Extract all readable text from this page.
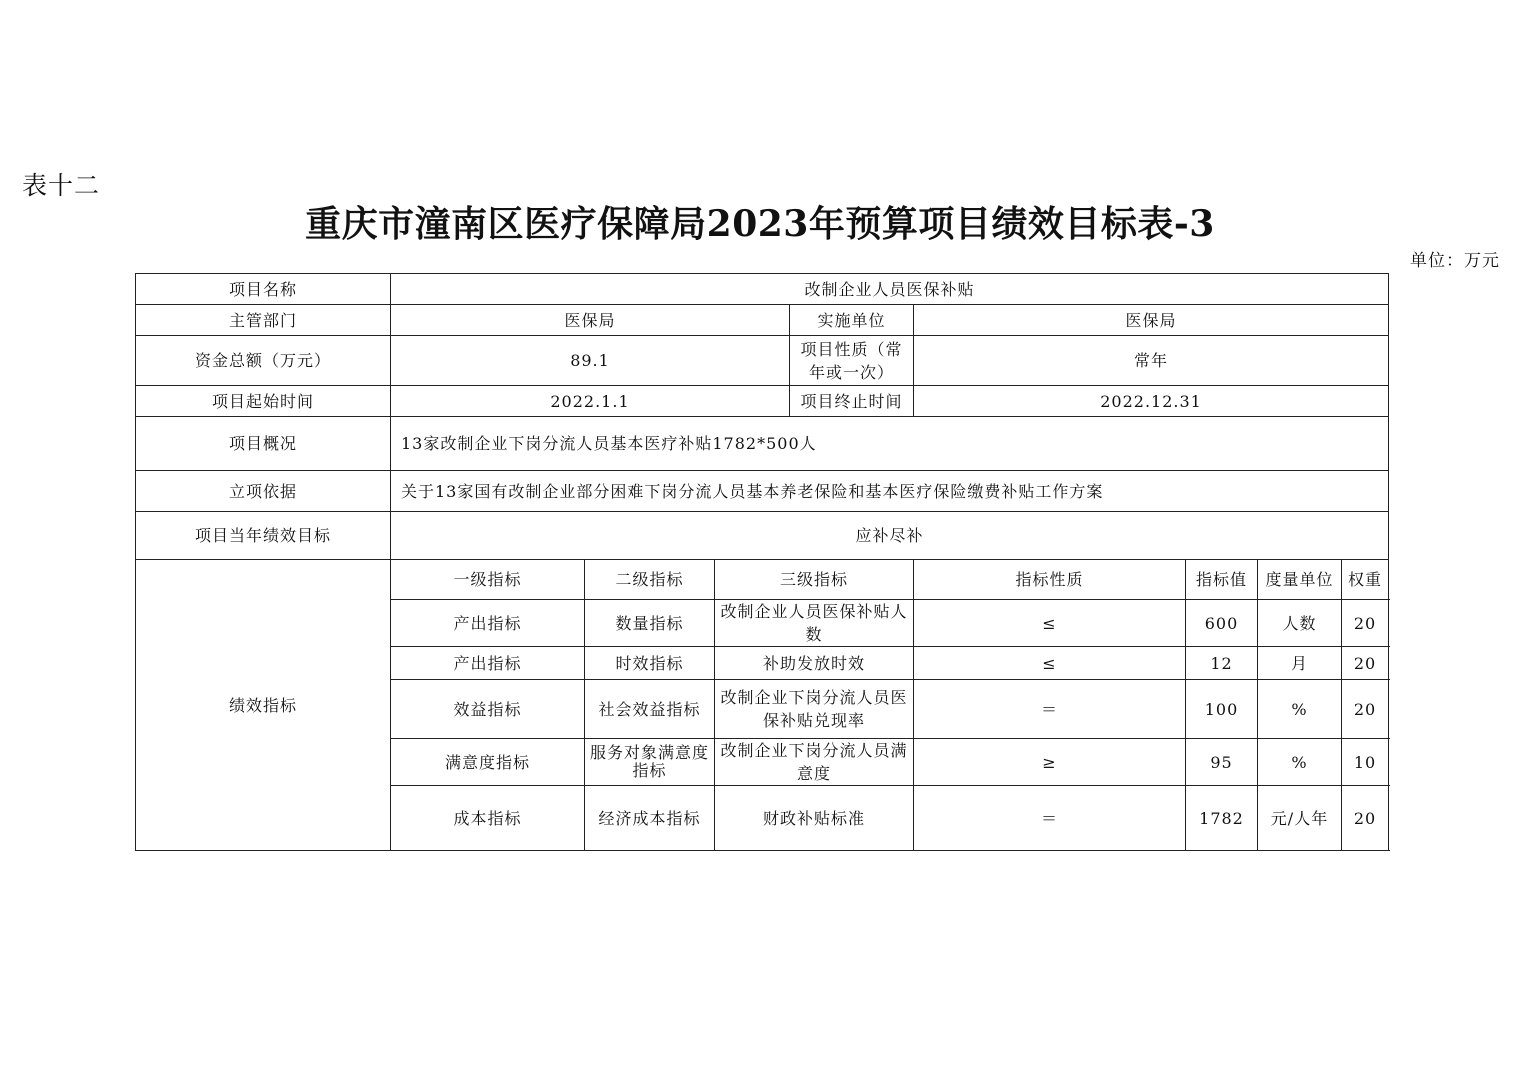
表十二
重庆市潼南区医疗保障局2023年预算项目绩效目标表-3
单位：万元
项目名称	改制企业人员医保补贴							
主管部门	医保局			实施单位	医保局			
资金总额（万元）	89.1			项目性质（常年或一次）	常年			
项目起始时间	2022.1.1			项目终止时间	2022.12.31			
项目概况	13家改制企业下岗分流人员基本医疗补贴1782*500人							
立项依据	关于13家国有改制企业部分困难下岗分流人员基本养老保险和基本医疗保险缴费补贴工作方案							
项目当年绩效目标	应补尽补							
绩效指标	一级指标	二级指标	三级指标		指标性质	指标值	度量单位	权重
	产出指标	数量指标	改制企业人员医保补贴人数		≤	600	人数	20
	产出指标	时效指标	补助发放时效		≤	12	月	20
	效益指标	社会效益指标	改制企业下岗分流人员医保补贴兑现率		＝	100	%	20
	满意度指标	服务对象满意度指标	改制企业下岗分流人员满意度		≥	95	%	10
	成本指标	经济成本指标	财政补贴标准		＝	1782	元/人年	20
